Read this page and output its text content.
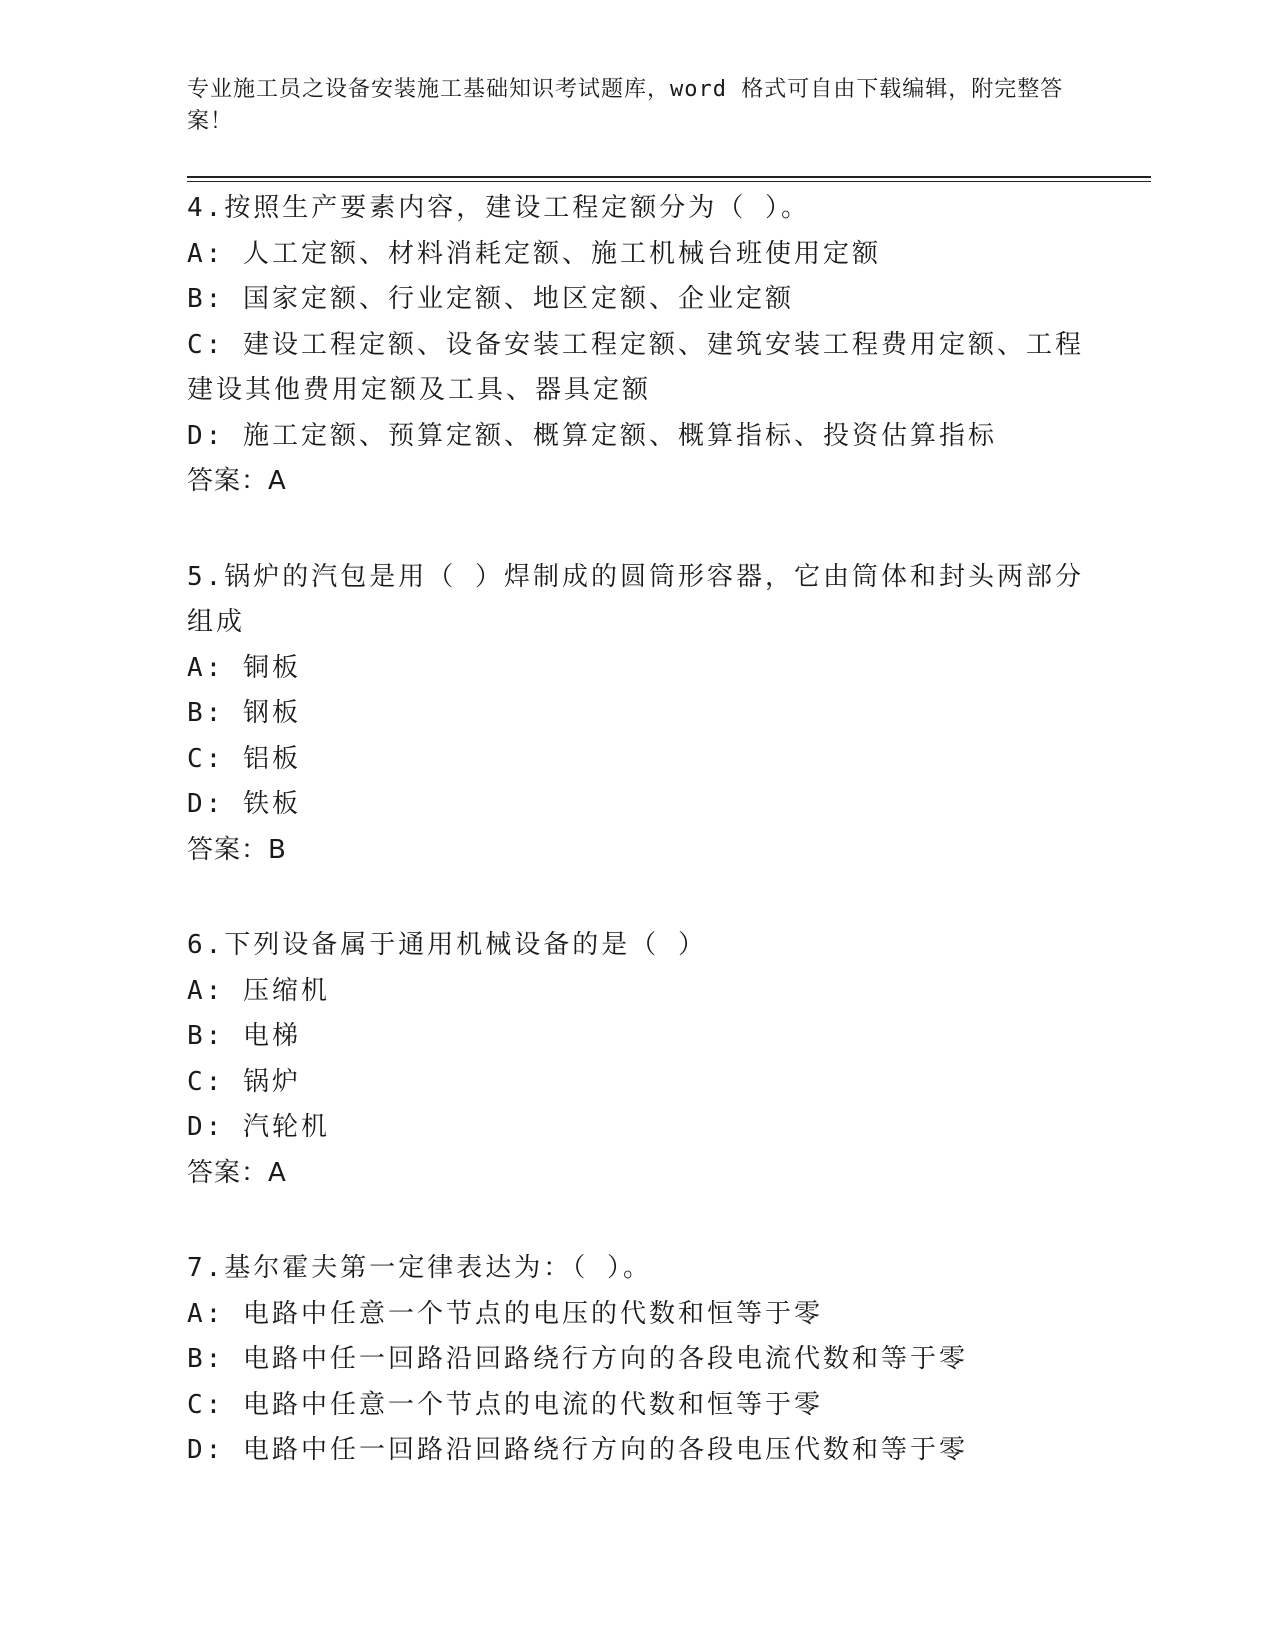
专业施工员之设备安装施工基础知识考试题库，word 格式可自由下载编辑，附完整答案！
4.按照生产要素内容，建设工程定额分为（ ）。
A: 人工定额、材料消耗定额、施工机械台班使用定额
B: 国家定额、行业定额、地区定额、企业定额
C: 建设工程定额、设备安装工程定额、建筑安装工程费用定额、工程建设其他费用定额及工具、器具定额
D: 施工定额、预算定额、概算定额、概算指标、投资估算指标
答案：A
5.锅炉的汽包是用（ ）焊制成的圆筒形容器，它由筒体和封头两部分组成
A: 铜板
B: 钢板
C: 铝板
D: 铁板
答案：B
6.下列设备属于通用机械设备的是（ ）
A: 压缩机
B: 电梯
C: 锅炉
D: 汽轮机
答案：A
7.基尔霍夫第一定律表达为：（ ）。
A: 电路中任意一个节点的电压的代数和恒等于零
B: 电路中任一回路沿回路绕行方向的各段电流代数和等于零
C: 电路中任意一个节点的电流的代数和恒等于零
D: 电路中任一回路沿回路绕行方向的各段电压代数和等于零
